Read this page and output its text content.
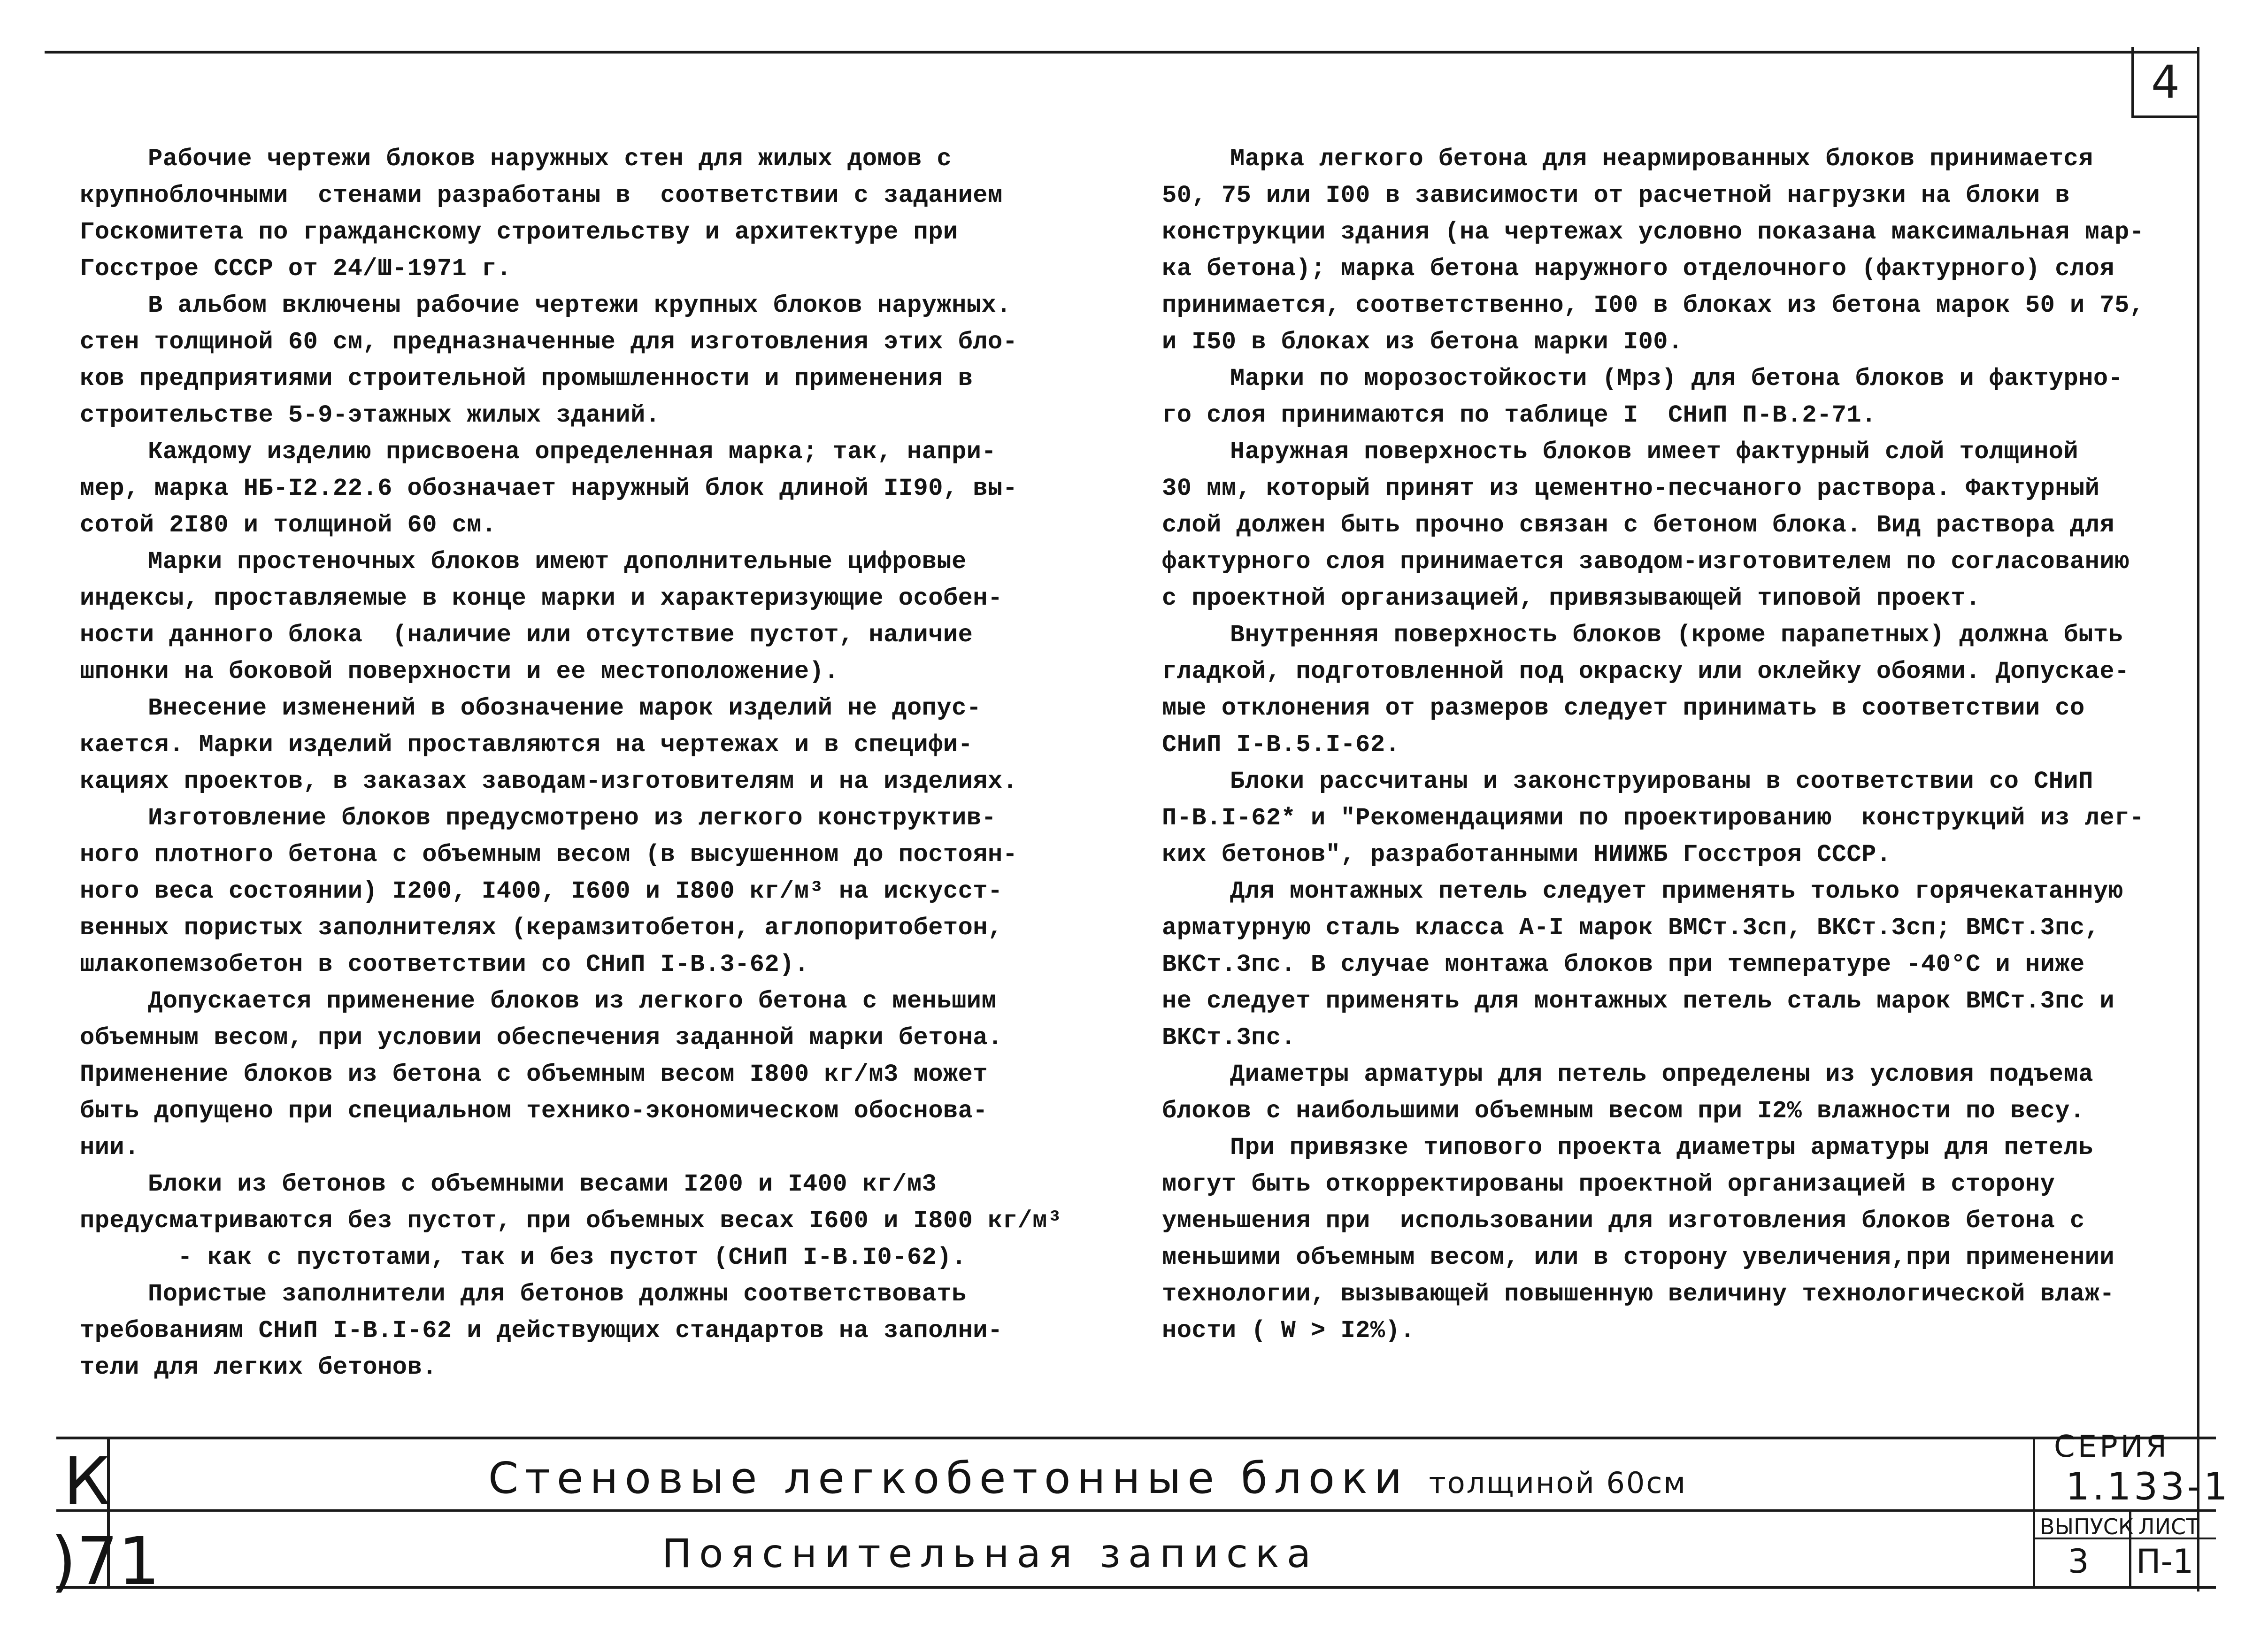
4
Рабочие чертежи блоков наружных стен для жилых домов с
крупноблочными  стенами разработаны в  соответствии с заданием
Госкомитета по гражданскому строительству и архитектуре при
Госстрое СССР от 24/Ш-1971 г.
В альбом включены рабочие чертежи крупных блоков наружных.
стен толщиной 60 см, предназначенные для изготовления этих бло-
ков предприятиями строительной промышленности и применения в
строительстве 5-9-этажных жилых зданий.
Каждому изделию присвоена определенная марка; так, напри-
мер, марка НБ-I2.22.6 обозначает наружный блок длиной II90, вы-
сотой 2I80 и толщиной 60 см.
Марки простеночных блоков имеют дополнительные цифровые
индексы, проставляемые в конце марки и характеризующие особен-
ности данного блока  (наличие или отсутствие пустот, наличие
шпонки на боковой поверхности и ее местоположение).
Внесение изменений в обозначение марок изделий не допус-
кается. Марки изделий проставляются на чертежах и в специфи-
кациях проектов, в заказах заводам-изготовителям и на изделиях.
Изготовление блоков предусмотрено из легкого конструктив-
ного плотного бетона с объемным весом (в высушенном до постоян-
ного веса состоянии) I200, I400, I600 и I800 кг/м³ на искусст-
венных пористых заполнителях (керамзитобетон, аглопоритобетон,
шлакопемзобетон в соответствии со СНиП I-В.3-62).
Допускается применение блоков из легкого бетона с меньшим
объемным весом, при условии обеспечения заданной марки бетона.
Применение блоков из бетона с объемным весом I800 кг/м3 может
быть допущено при специальном технико-экономическом обоснова-
нии.
Блоки из бетонов с объемными весами I200 и I400 кг/м3
предусматриваются без пустот, при объемных весах I600 и I800 кг/м³
- как с пустотами, так и без пустот (СНиП I-В.I0-62).
Пористые заполнители для бетонов должны соответствовать
требованиям СНиП I-В.I-62 и действующих стандартов на заполни-
тели для легких бетонов.
Марка легкого бетона для неармированных блоков принимается
50, 75 или I00 в зависимости от расчетной нагрузки на блоки в
конструкции здания (на чертежах условно показана максимальная мар-
ка бетона); марка бетона наружного отделочного (фактурного) слоя
принимается, соответственно, I00 в блоках из бетона марок 50 и 75,
и I50 в блоках из бетона марки I00.
Марки по морозостойкости (Мрз) для бетона блоков и фактурно-
го слоя принимаются по таблице I  СНиП П-В.2-71.
Наружная поверхность блоков имеет фактурный слой толщиной
30 мм, который принят из цементно-песчаного раствора. Фактурный
слой должен быть прочно связан с бетоном блока. Вид раствора для
фактурного слоя принимается заводом-изготовителем по согласованию
с проектной организацией, привязывающей типовой проект.
Внутренняя поверхность блоков (кроме парапетных) должна быть
гладкой, подготовленной под окраску или оклейку обоями. Допускае-
мые отклонения от размеров следует принимать в соответствии со
СНиП I-В.5.I-62.
Блоки рассчитаны и законструированы в соответствии со СНиП
П-В.I-62* и "Рекомендациями по проектированию  конструкций из лег-
ких бетонов", разработанными НИИЖБ Госстроя СССР.
Для монтажных петель следует применять только горячекатанную
арматурную сталь класса А-I марок ВМСт.3сп, ВКСт.3сп; ВМСт.3пс,
ВКСт.3пс. В случае монтажа блоков при температуре -40°С и ниже
не следует применять для монтажных петель сталь марок ВМСт.3пс и
ВКСт.3пс.
Диаметры арматуры для петель определены из условия подъема
блоков с наибольшими объемным весом при I2% влажности по весу.
При привязке типового проекта диаметры арматуры для петель
могут быть откорректированы проектной организацией в сторону
уменьшения при  использовании для изготовления блоков бетона с
меньшими объемным весом, или в сторону увеличения,при применении
технологии, вызывающей повышенную величину технологической влаж-
ности ( W > I2%).
К
)71
Стеновые легкобетонные блоки толщиной 60см
Пояснительная записка
СЕРИЯ
1.133-1
ВЫПУСК ЛИСТ
3 П-1
